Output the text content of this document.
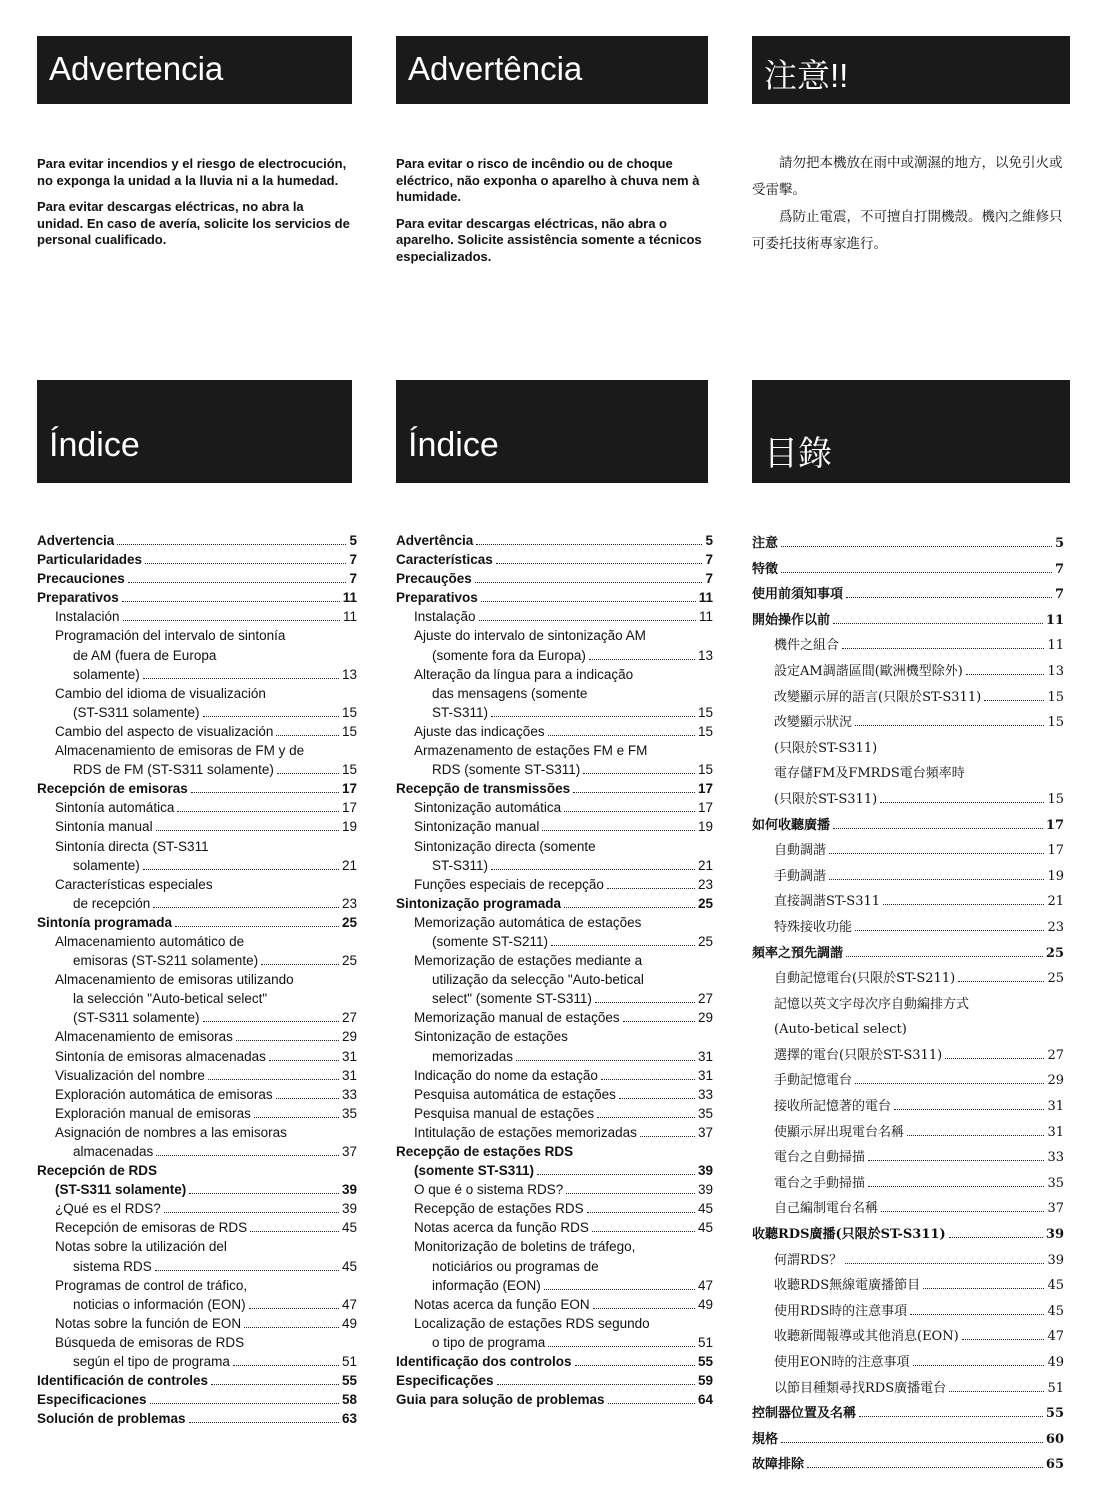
Advertencia	Advertência	注意!!

Para evitar incendios y el riesgo de electrocución, no exponga la unidad a la lluvia ni a la humedad.

Para evitar descargas eléctricas, no abra la unidad. En caso de avería, solicite los servicios de personal cualificado.

Para evitar o risco de incêndio ou de choque eléctrico, não exponha o aparelho à chuva nem à humidade.

Para evitar descargas eléctricas, não abra o aparelho. Solicite assistência somente a técnicos especializados.

　　請勿把本機放在雨中或潮濕的地方，以免引火或受雷擊。

　　爲防止電震，不可擅自打開機殼。機內之維修只可委托技術專家進行。

Índice	Índice	目錄
Advertencia	5
Particularidades	7
Precauciones	7
Preparativos	11
Instalación	11
Programación del intervalo de sintonía
de AM (fuera de Europa
solamente)	13
Cambio del idioma de visualización
(ST-S311 solamente)	15
Cambio del aspecto de visualización	15
Almacenamiento de emisoras de FM y de
RDS de FM (ST-S311 solamente)	15
Recepción de emisoras	17
Sintonía automática	17
Sintonía manual	19
Sintonía directa (ST-S311
solamente)	21
Características especiales
de recepción	23
Sintonía programada	25
Almacenamiento automático de
emisoras (ST-S211 solamente)	25
Almacenamiento de emisoras utilizando
la selección "Auto-betical select"
(ST-S311 solamente)	27
Almacenamiento de emisoras	29
Sintonía de emisoras almacenadas	31
Visualización del nombre	31
Exploración automática de emisoras	33
Exploración manual de emisoras	35
Asignación de nombres a las emisoras
almacenadas	37
Recepción de RDS
(ST-S311 solamente)	39
¿Qué es el RDS?	39
Recepción de emisoras de RDS	45
Notas sobre la utilización del
sistema RDS	45
Programas de control de tráfico,
noticias o información (EON)	47
Notas sobre la función de EON	49
Búsqueda de emisoras de RDS
según el tipo de programa	51
Identificación de controles	55
Especificaciones	58
Solución de problemas	63
Advertência	5
Características	7
Precauções	7
Preparativos	11
Instalação	11
Ajuste do intervalo de sintonização AM
(somente fora da Europa)	13
Alteração da língua para a indicação
das mensagens (somente
ST-S311)	15
Ajuste das indicações	15
Armazenamento de estações FM e FM
RDS (somente ST-S311)	15
Recepção de transmissões	17
Sintonização automática	17
Sintonização manual	19
Sintonização directa (somente
ST-S311)	21
Funções especiais de recepção	23
Sintonização programada	25
Memorização automática de estações
(somente ST-S211)	25
Memorização de estações mediante a
utilização da selecção "Auto-betical
select" (somente ST-S311)	27
Memorização manual de estações	29
Sintonização de estações
memorizadas	31
Indicação do nome da estação	31
Pesquisa automática de estações	33
Pesquisa manual de estações	35
Intitulação de estações memorizadas	37
Recepção de estações RDS
(somente ST-S311)	39
O que é o sistema RDS?	39
Recepção de estações RDS	45
Notas acerca da função RDS	45
Monitorização de boletins de tráfego,
noticiários ou programas de
informação (EON)	47
Notas acerca da função EON	49
Localização de estações RDS segundo
o tipo de programa	51
Identificação dos controlos	55
Especificações	59
Guia para solução de problemas	64
注意	5
特徵	7
使用前須知事項	7
開始操作以前	11
機件之組合	11
設定AM調諧區間(歐洲機型除外)	13
改變顯示屏的語言(只限於ST-S311)	15
改變顯示狀況	15
(只限於ST-S311)
電存儲FM及FMRDS電台頻率時
(只限於ST-S311)	15
如何收聽廣播	17
自動調諧	17
手動調諧	19
直接調諧ST-S311	21
特殊接收功能	23
頻率之預先調諧	25
自動記憶電台(只限於ST-S211)	25
記憶以英文字母次序自動編排方式
(Auto-betical select)
選擇的電台(只限於ST-S311)	27
手動記憶電台	29
接收所記憶著的電台	31
使顯示屏出現電台名稱	31
電台之自動掃描	33
電台之手動掃描	35
自己編制電台名稱	37
收聽RDS廣播(只限於ST-S311)	39
何謂RDS？	39
收聽RDS無線電廣播節目	45
使用RDS時的注意事項	45
收聽新聞報導或其他消息(EON)	47
使用EON時的注意事項	49
以節目種類尋找RDS廣播電台	51
控制器位置及名稱	55
規格	60
故障排除	65
